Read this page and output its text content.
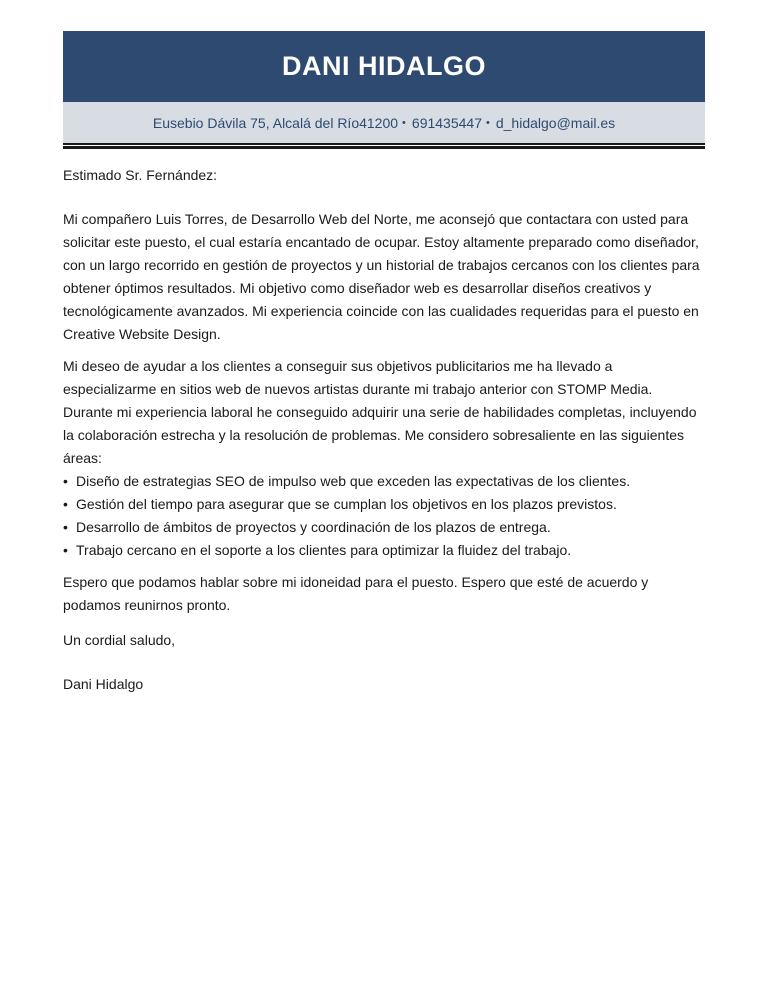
DANI HIDALGO
Eusebio Dávila 75, Alcalá del Río41200 • 691435447 • d_hidalgo@mail.es

Estimado Sr. Fernández:

Mi compañero Luis Torres, de Desarrollo Web del Norte, me aconsejó que contactara con usted para solicitar este puesto, el cual estaría encantado de ocupar. Estoy altamente preparado como diseñador, con un largo recorrido en gestión de proyectos y un historial de trabajos cercanos con los clientes para obtener óptimos resultados. Mi objetivo como diseñador web es desarrollar diseños creativos y tecnológicamente avanzados. Mi experiencia coincide con las cualidades requeridas para el puesto en Creative Website Design.

Mi deseo de ayudar a los clientes a conseguir sus objetivos publicitarios me ha llevado a especializarme en sitios web de nuevos artistas durante mi trabajo anterior con STOMP Media. Durante mi experiencia laboral he conseguido adquirir una serie de habilidades completas, incluyendo la colaboración estrecha y la resolución de problemas. Me considero sobresaliente en las siguientes áreas:

• Diseño de estrategias SEO de impulso web que exceden las expectativas de los clientes.
• Gestión del tiempo para asegurar que se cumplan los objetivos en los plazos previstos.
• Desarrollo de ámbitos de proyectos y coordinación de los plazos de entrega.
• Trabajo cercano en el soporte a los clientes para optimizar la fluidez del trabajo.

Espero que podamos hablar sobre mi idoneidad para el puesto. Espero que esté de acuerdo y podamos reunirnos pronto.

Un cordial saludo,

Dani Hidalgo
